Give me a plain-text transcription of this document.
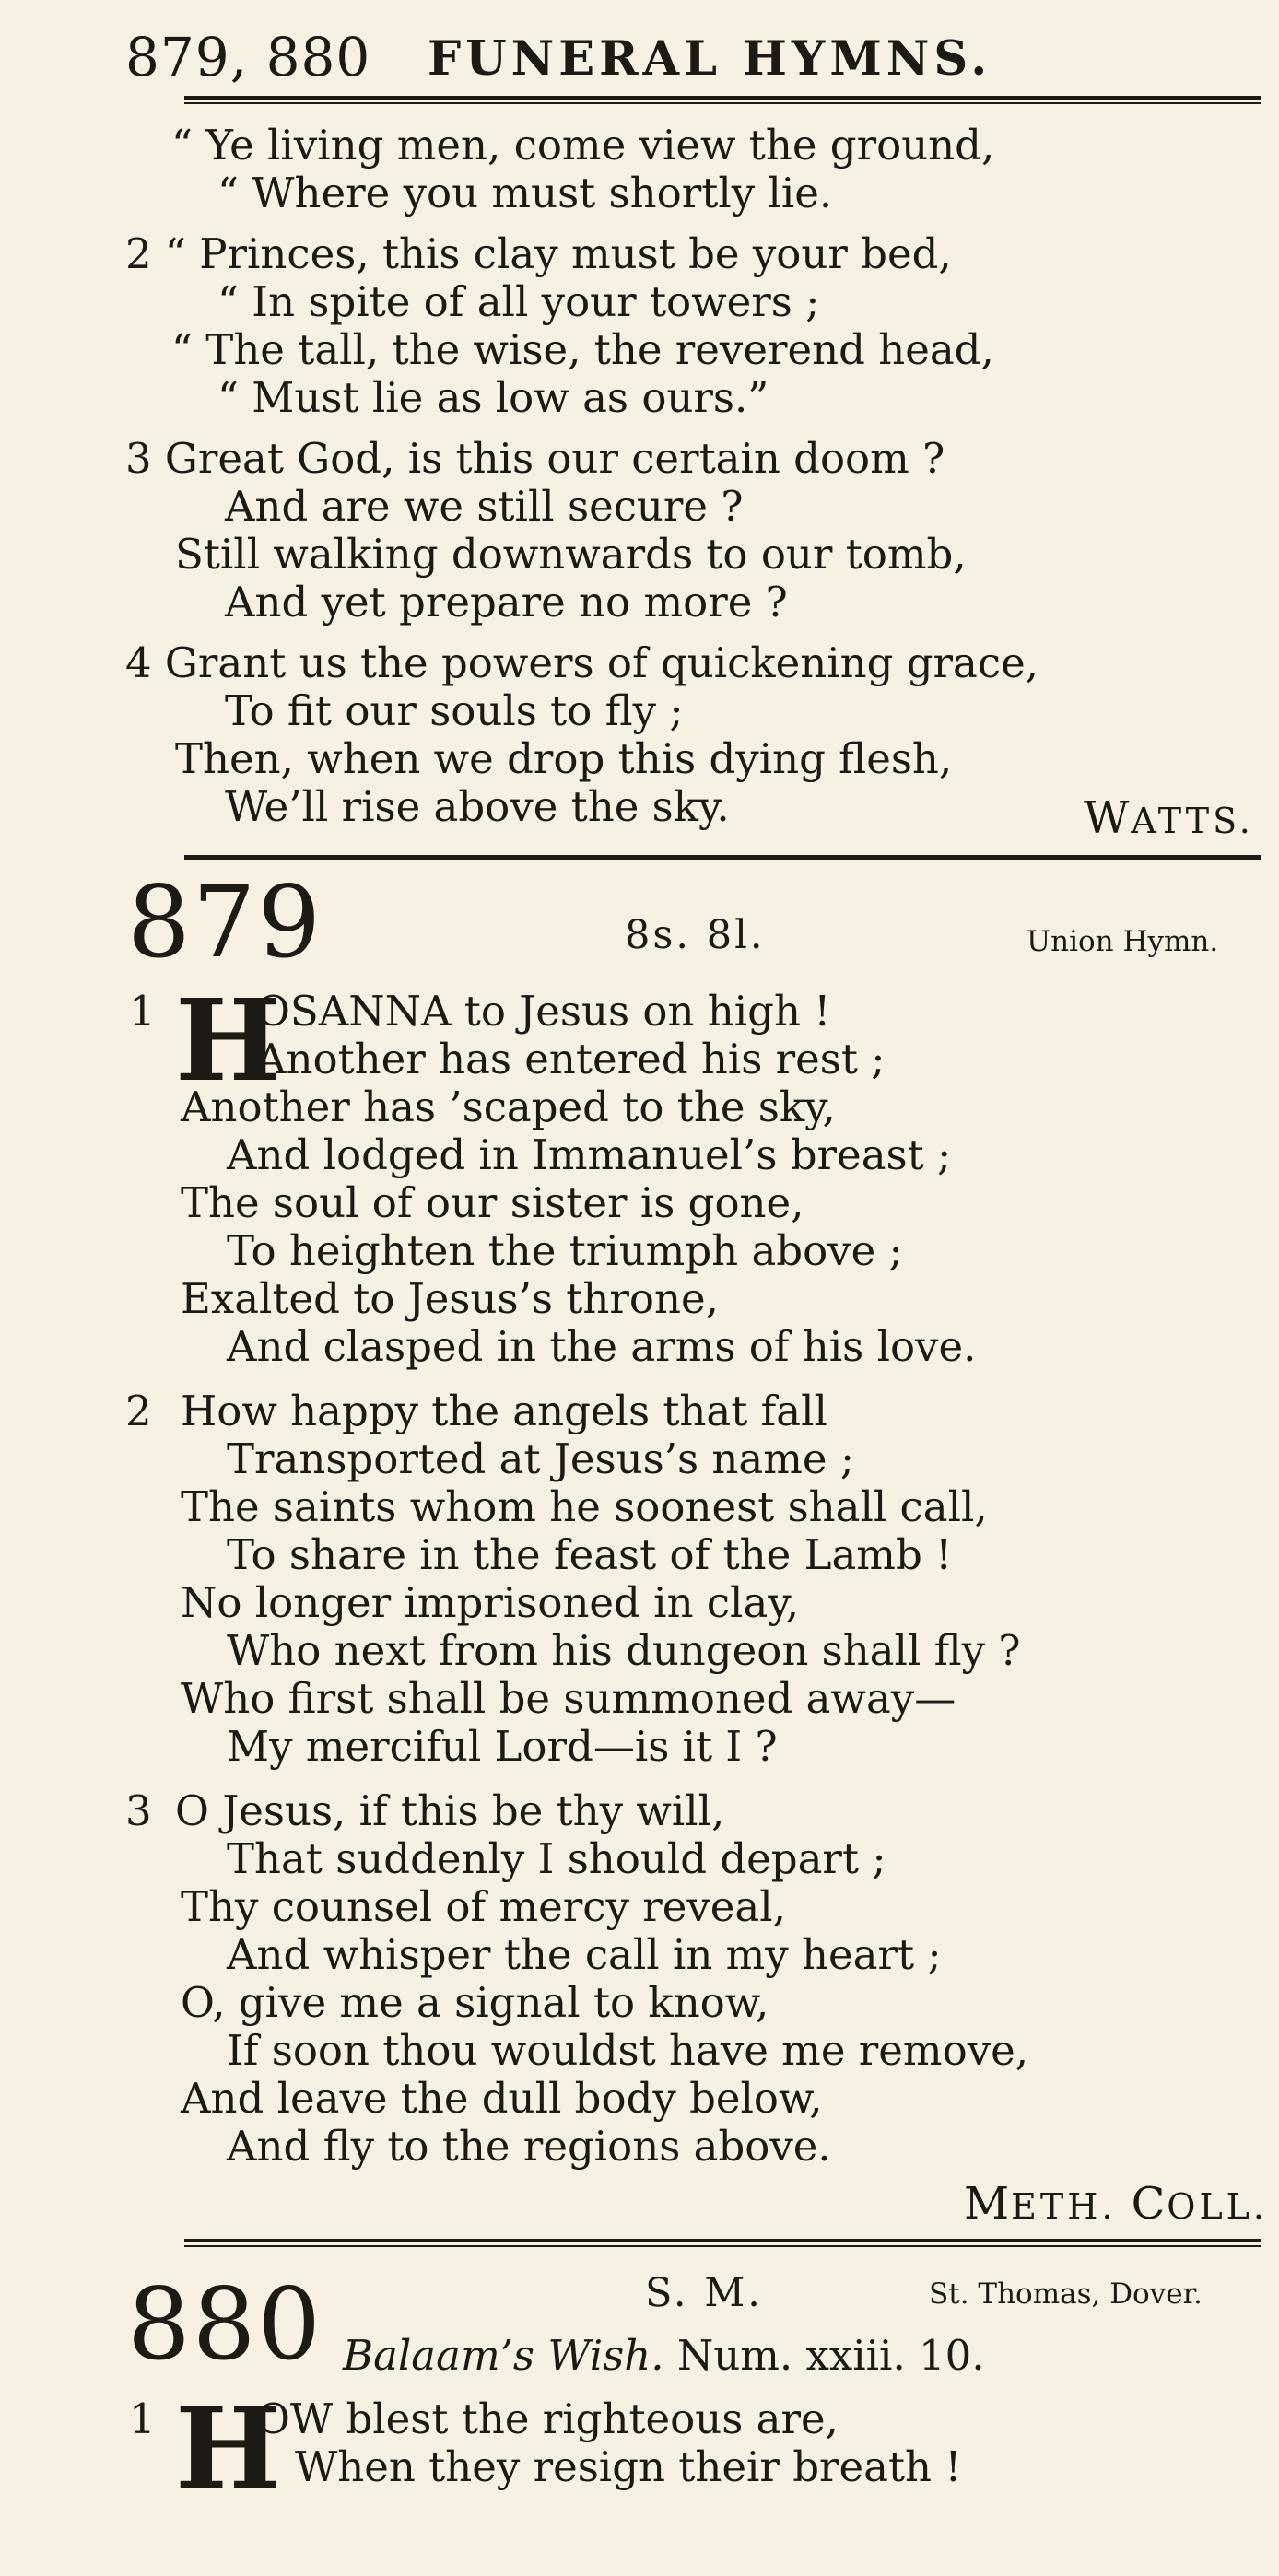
879, 880 FUNERAL HYMNS.
“ Ye living men, come view the ground,
“ Where you must shortly lie.
2 “ Princes, this clay must be your bed,
“ In spite of all your towers ;
“ The tall, the wise, the reverend head,
“ Must lie as low as ours.”
3 Great God, is this our certain doom ?
And are we still secure ?
Still walking downwards to our tomb,
And yet prepare no more ?
4 Grant us the powers of quickening grace,
To fit our souls to fly ;
Then, when we drop this dying flesh,
We’ll rise above the sky.	WATTS.
879	8s. 8l.	Union Hymn.
1 H
OSANNA to Jesus on high !
Another has entered his rest ;
Another has ’scaped to the sky,
And lodged in Immanuel’s breast ;
The soul of our sister is gone,
To heighten the triumph above ;
Exalted to Jesus’s throne,
And clasped in the arms of his love.
2 How happy the angels that fall
Transported at Jesus’s name ;
The saints whom he soonest shall call,
To share in the feast of the Lamb !
No longer imprisoned in clay,
Who next from his dungeon shall fly ?
Who first shall be summoned away—
My merciful Lord—is it I ?
3 O Jesus, if this be thy will,
That suddenly I should depart ;
Thy counsel of mercy reveal,
And whisper the call in my heart ;
O, give me a signal to know,
If soon thou wouldst have me remove,
And leave the dull body below,
And fly to the regions above.
METH. COLL.
880	S. M.	St. Thomas, Dover.
Balaam’s Wish. Num. xxiii. 10.
1 H
OW blest the righteous are,
When they resign their breath !
